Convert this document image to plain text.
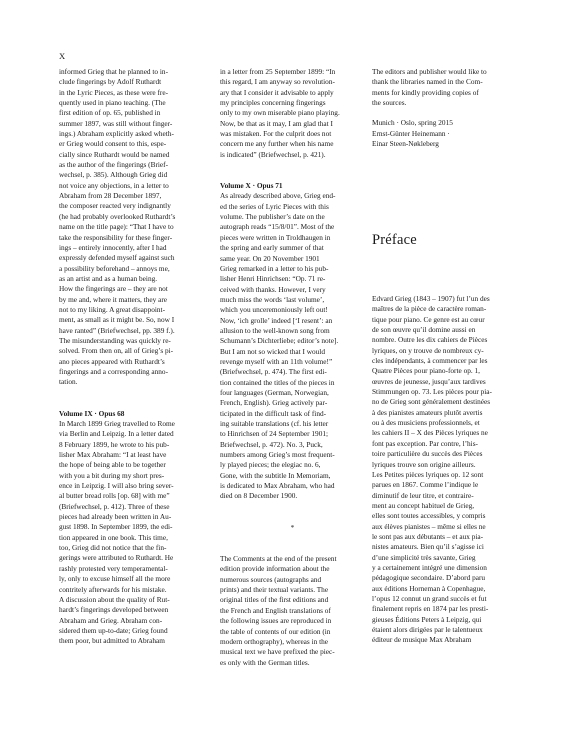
X

informed Grieg that he planned to in-
clude fingerings by Adolf Ruthardt
in the Lyric Pieces, as these were fre-
quently used in piano teaching. (The
first edition of op. 65, published in
summer 1897, was still without finger-
ings.) Abraham explicitly asked wheth-
er Grieg would consent to this, espe-
cially since Ruthardt would be named
as the author of the fingerings (Brief-
wechsel, p. 385). Although Grieg did
not voice any objections, in a letter to
Abraham from 28 December 1897,
the composer reacted very indignantly
(he had probably overlooked Ruthardt’s
name on the title page): “That I have to
take the responsibility for these finger-
ings – entirely innocently, after I had
expressly defended myself against such
a possibility beforehand – annoys me,
as an artist and as a human being.
How the fingerings are – they are not
by me and, where it matters, they are
not to my liking. A great disappoint-
ment, as small as it might be. So, now I
have ranted” (Briefwechsel, pp. 389 f.).
The misunderstanding was quickly re-
solved. From then on, all of Grieg’s pi-
ano pieces appeared with Ruthardt’s
fingerings and a corresponding anno-
tation.

Volume IX · Opus 68

In March 1899 Grieg travelled to Rome
via Berlin and Leipzig. In a letter dated
8 February 1899, he wrote to his pub-
lisher Max Abraham: “I at least have
the hope of being able to be together
with you a bit during my short pres-
ence in Leipzig. I will also bring sever-
al butter bread rolls [op. 68] with me”
(Briefwechsel, p. 412). Three of these
pieces had already been written in Au-
gust 1898. In September 1899, the edi-
tion appeared in one book. This time,
too, Grieg did not notice that the fin-
gerings were attributed to Ruthardt. He
rashly protested very temperamental-
ly, only to excuse himself all the more
contritely afterwards for his mistake.
A discussion about the quality of Rut-
hardt’s fingerings developed between
Abraham and Grieg. Abraham con-
sidered them up-to-date; Grieg found
them poor, but admitted to Abraham

in a letter from 25 September 1899: “In
this regard, I am anyway so revolution-
ary that I consider it advisable to apply
my principles concerning fingerings
only to my own miserable piano playing.
Now, be that as it may, I am glad that I
was mistaken. For the culprit does not
concern me any further when his name
is indicated” (Briefwechsel, p. 421).

Volume X · Opus 71

As already described above, Grieg end-
ed the series of Lyric Pieces with this
volume. The publisher’s date on the
autograph reads “15/8/01”. Most of the
pieces were written in Troldhaugen in
the spring and early summer of that
same year. On 20 November 1901
Grieg remarked in a letter to his pub-
lisher Henri Hinrichsen: “Op. 71 re-
ceived with thanks. However, I very
much miss the words ‘last volume’,
which you unceremoniously left out!
Now, ‘ich grolle’ indeed [‘I resent’: an
allusion to the well-known song from
Schumann’s Dichterliebe; editor’s note].
But I am not so wicked that I would
revenge myself with an 11th volume!”
(Briefwechsel, p. 474). The first edi-
tion contained the titles of the pieces in
four languages (German, Norwegian,
French, English). Grieg actively par-
ticipated in the difficult task of find-
ing suitable translations (cf. his letter
to Hinrichsen of 24 September 1901;
Briefwechsel, p. 472). No. 3, Puck,
numbers among Grieg’s most frequent-
ly played pieces; the elegiac no. 6,
Gone, with the subtitle In Memoriam,
is dedicated to Max Abraham, who had
died on 8 December 1900.

*

The Comments at the end of the present
edition provide information about the
numerous sources (autographs and
prints) and their textual variants. The
original titles of the first editions and
the French and English translations of
the following issues are reproduced in
the table of contents of our edition (in
modern orthography), whereas in the
musical text we have prefixed the piec-
es only with the German titles.

The editors and publisher would like to
thank the libraries named in the Com-
ments for kindly providing copies of
the sources.

Munich · Oslo, spring 2015
Ernst-Günter Heinemann ·
Einar Steen-Nøkleberg

Préface

Edvard Grieg (1843 – 1907) fut l’un des
maîtres de la pièce de caractère roman-
tique pour piano. Ce genre est au cœur
de son œuvre qu’il domine aussi en
nombre. Outre les dix cahiers de Pièces
lyriques, on y trouve de nombreux cy-
cles indépendants, à commencer par les
Quatre Pièces pour piano-forte op. 1,
œuvres de jeunesse, jusqu’aux tardives
Stimmungen op. 73. Les pièces pour pia-
no de Grieg sont généralement destinées
à des pianistes amateurs plutôt avertis
ou à des musiciens professionnels, et
les cahiers II – X des Pièces lyriques ne
font pas exception. Par contre, l’his-
toire particulière du succès des Pièces
lyriques trouve son origine ailleurs.
Les Petites pièces lyriques op. 12 sont
parues en 1867. Comme l’indique le
diminutif de leur titre, et contraire-
ment au concept habituel de Grieg,
elles sont toutes accessibles, y compris
aux élèves pianistes – même si elles ne
le sont pas aux débutants – et aux pia-
nistes amateurs. Bien qu’il s’agisse ici
d’une simplicité très savante, Grieg
y a certainement intégré une dimension
pédagogique secondaire. D’abord paru
aux éditions Horneman à Copenhague,
l’opus 12 connut un grand succès et fut
finalement repris en 1874 par les presti-
gieuses Éditions Peters à Leipzig, qui
étaient alors dirigées par le talentueux
éditeur de musique Max Abraham
